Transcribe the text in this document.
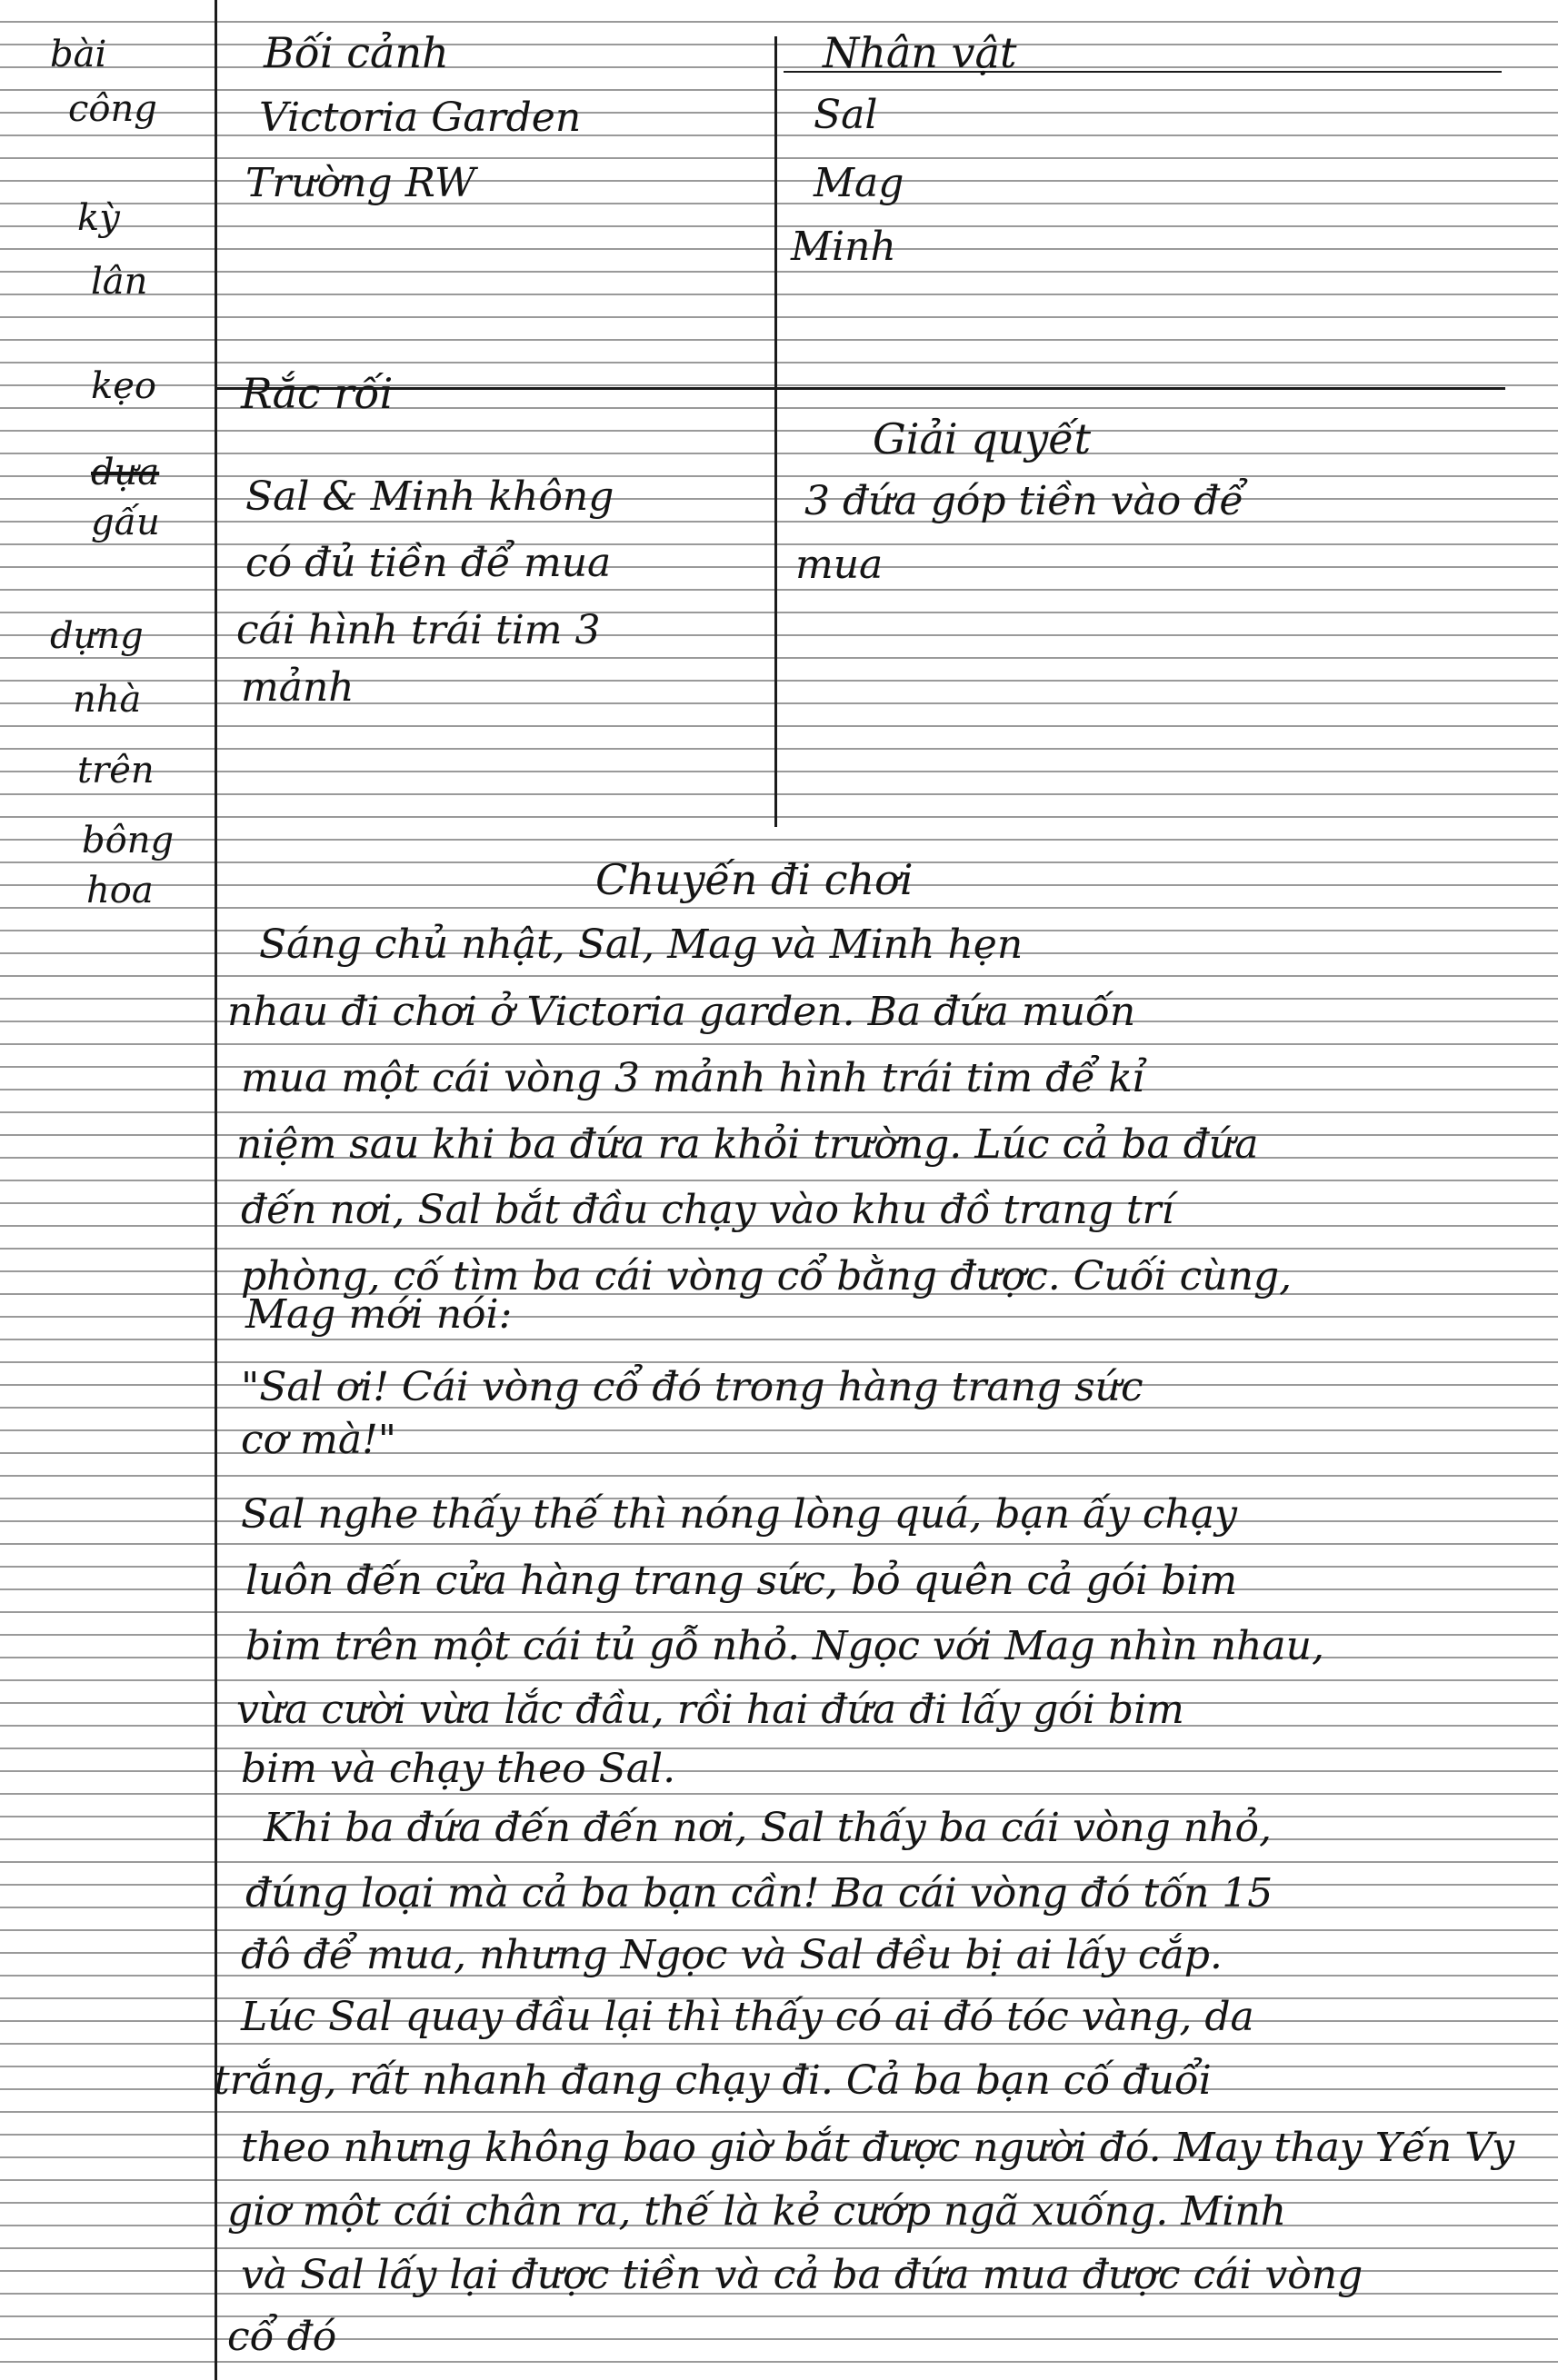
bài
công
kỳ
lân
kẹo
dựa
gấu
dựng
nhà
trên
bông
hoa
Bối cảnh
Victoria Garden
Trường RW
Nhân vật
Sal
Mag
Minh
Rắc rối
Sal & Minh không
có đủ tiền để mua
cái hình trái tim 3
mảnh
Giải quyết
3 đứa góp tiền vào để
mua
Chuyến đi chơi
Sáng chủ nhật, Sal, Mag và Minh hẹn
nhau đi chơi ở Victoria garden. Ba đứa muốn
mua một cái vòng 3 mảnh hình trái tim để kỉ
niệm sau khi ba đứa ra khỏi trường. Lúc cả ba đứa
đến nơi, Sal bắt đầu chạy vào khu đồ trang trí
phòng, cố tìm ba cái vòng cổ bằng được. Cuối cùng,
Mag mới nói:
"Sal ơi! Cái vòng cổ đó trong hàng trang sức
cơ mà!"
Sal nghe thấy thế thì nóng lòng quá, bạn ấy chạy
luôn đến cửa hàng trang sức, bỏ quên cả gói bim
bim trên một cái tủ gỗ nhỏ. Ngọc với Mag nhìn nhau,
vừa cười vừa lắc đầu, rồi hai đứa đi lấy gói bim
bim và chạy theo Sal.
Khi ba đứa đến đến nơi, Sal thấy ba cái vòng nhỏ,
đúng loại mà cả ba bạn cần! Ba cái vòng đó tốn 15
đô để mua, nhưng Ngọc và Sal đều bị ai lấy cắp.
Lúc Sal quay đầu lại thì thấy có ai đó tóc vàng, da
trắng, rất nhanh đang chạy đi. Cả ba bạn cố đuổi
theo nhưng không bao giờ bắt được người đó. May thay Yến Vy
giơ một cái chân ra, thế là kẻ cướp ngã xuống. Minh
và Sal lấy lại được tiền và cả ba đứa mua được cái vòng
cổ đó
